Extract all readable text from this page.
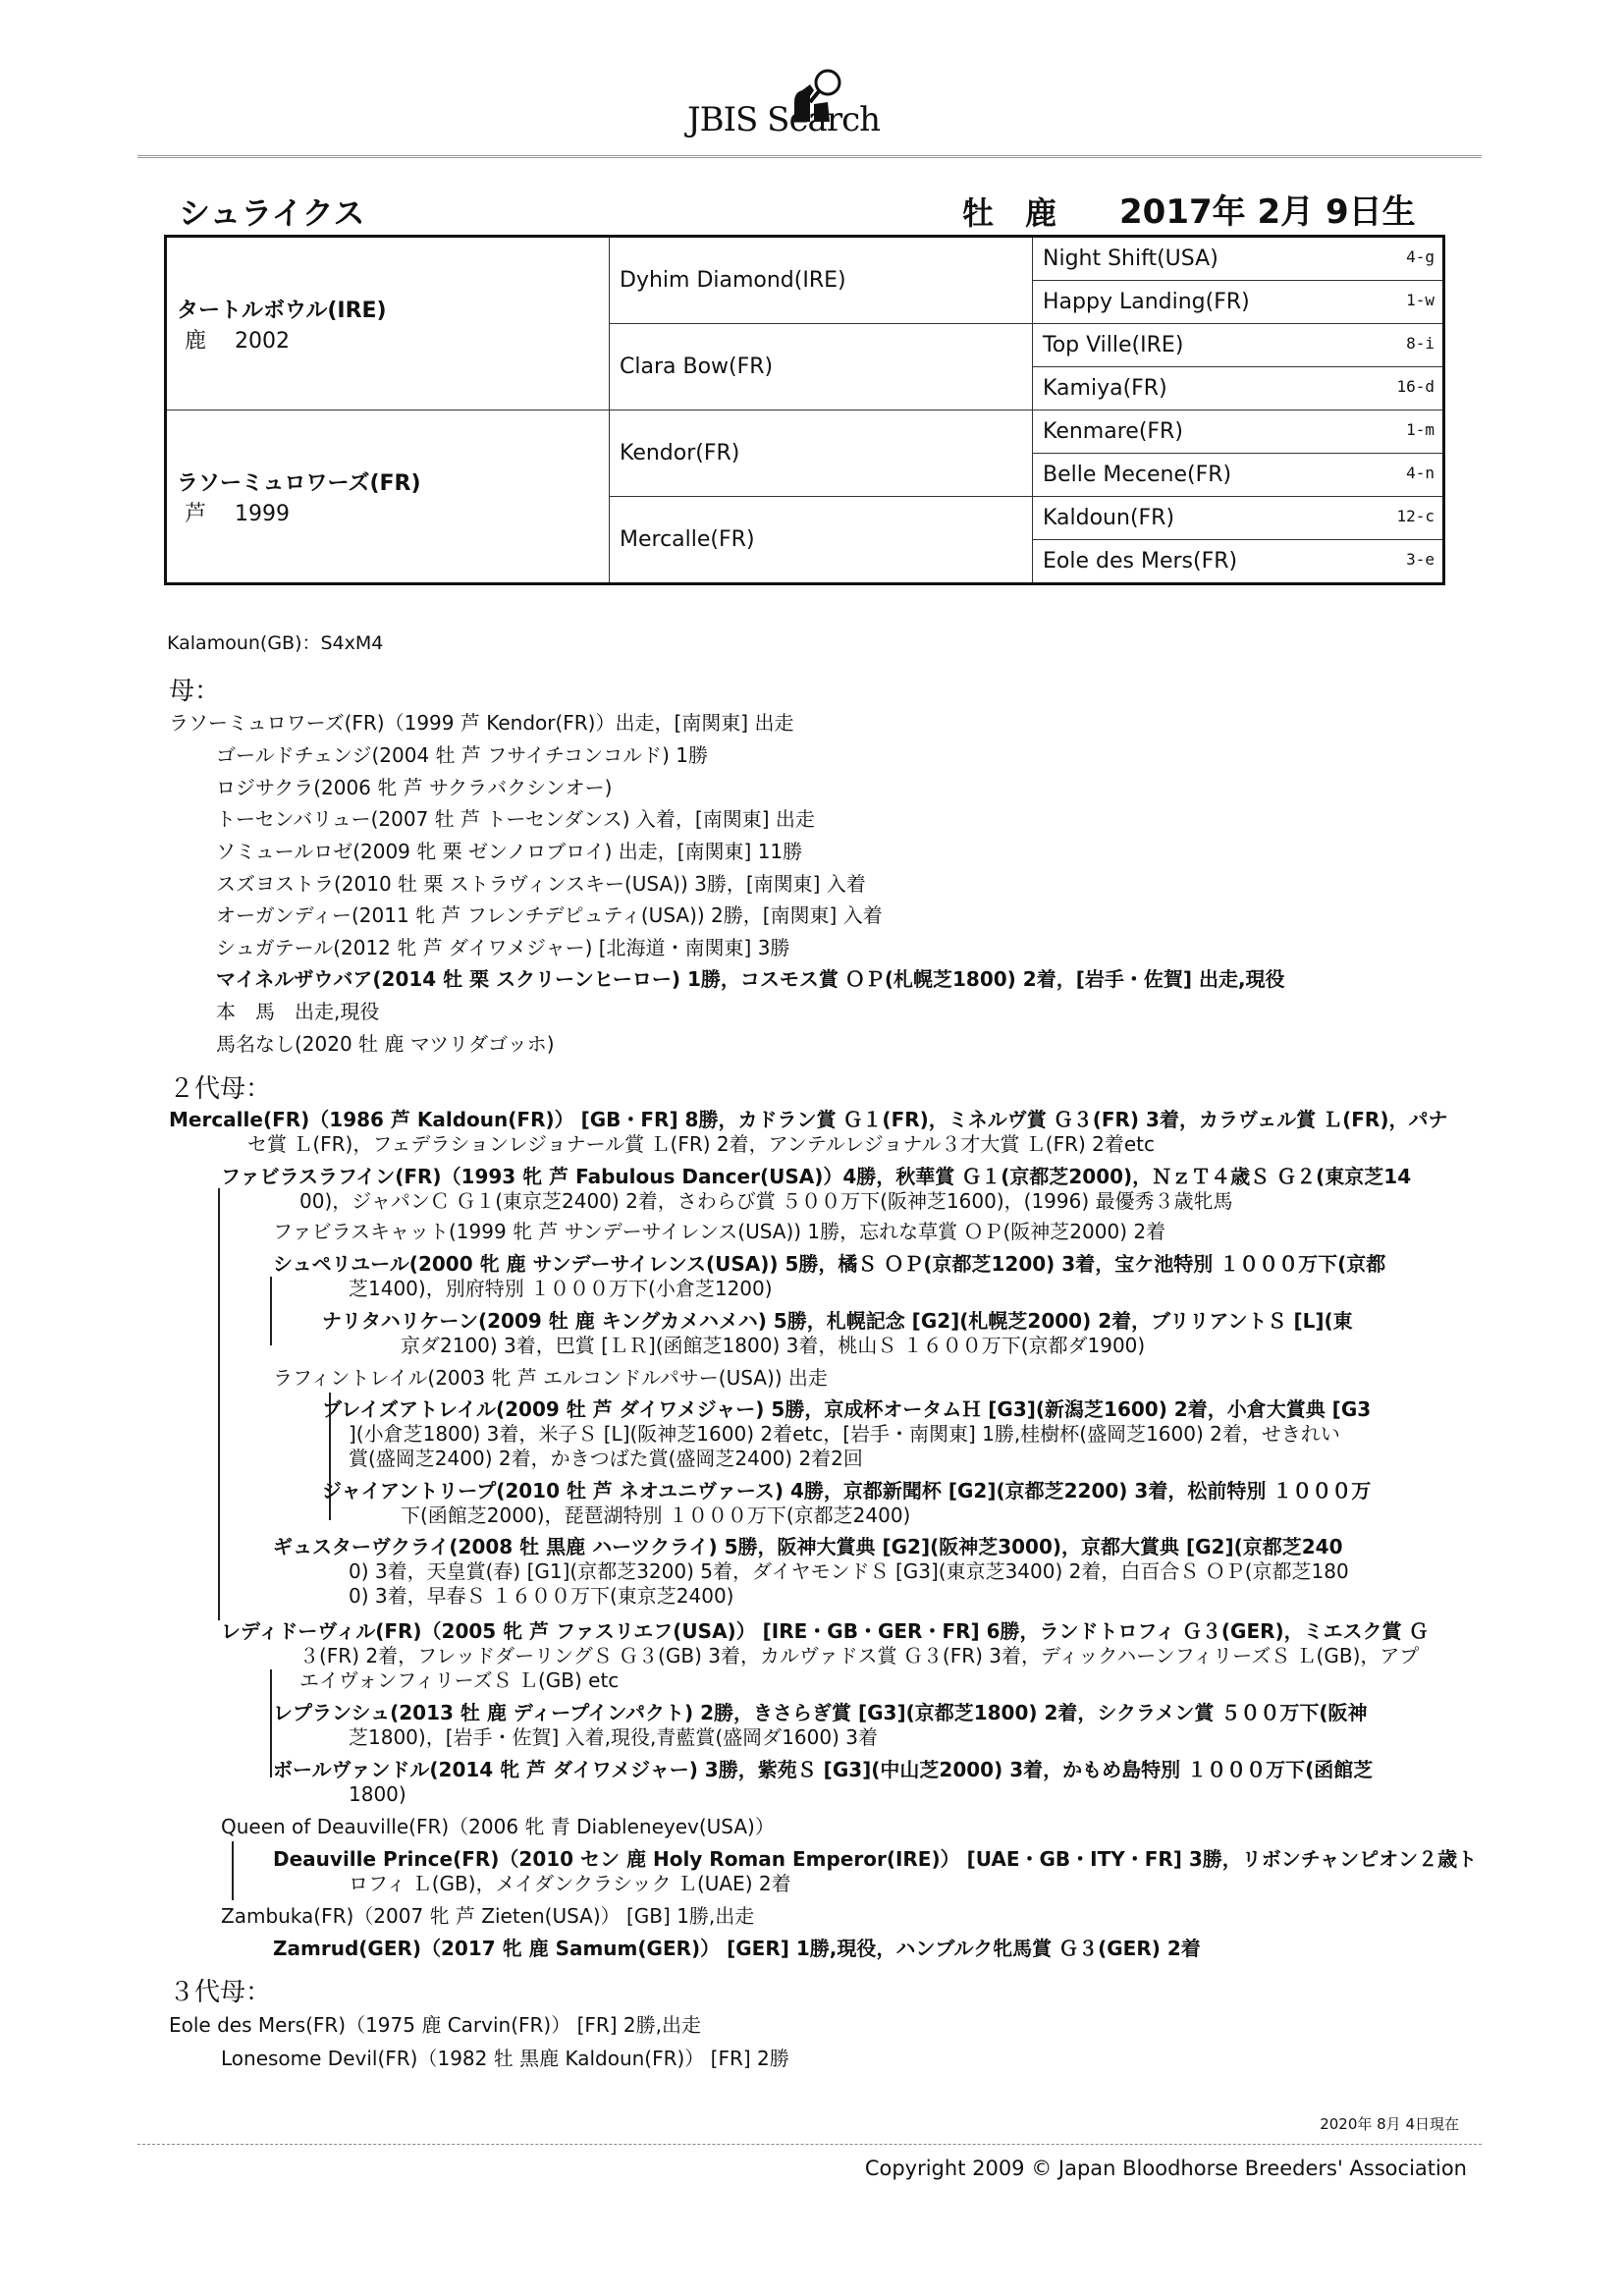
JBIS Search
シュライクス	牡　鹿 2017年 2月 9日生
タートルボウル(IRE)
鹿　 2002	Dyhim Diamond(IRE)	Night Shift(USA) 4-g

		Happy Landing(FR) 1-w

	Clara Bow(FR)	Top Ville(IRE) 8-i

		Kamiya(FR) 16-d

ラソーミュロワーズ(FR)
芦　 1999	Kendor(FR)	Kenmare(FR) 1-m

		Belle Mecene(FR) 4-n

	Mercalle(FR)	Kaldoun(FR) 12-c

		Eole des Mers(FR) 3-e
Kalamoun(GB)：S4xM4
母：
ラソーミュロワーズ(FR)（1999 芦 Kendor(FR)）出走，[南関東] 出走
ゴールドチェンジ(2004 牡 芦 フサイチコンコルド) 1勝
ロジサクラ(2006 牝 芦 サクラバクシンオー)
トーセンバリュー(2007 牡 芦 トーセンダンス) 入着，[南関東] 出走
ソミュールロゼ(2009 牝 栗 ゼンノロブロイ) 出走，[南関東] 11勝
スズヨストラ(2010 牡 栗 ストラヴィンスキー(USA)) 3勝，[南関東] 入着
オーガンディー(2011 牝 芦 フレンチデピュティ(USA)) 2勝，[南関東] 入着
シュガテール(2012 牝 芦 ダイワメジャー) [北海道・南関東] 3勝
マイネルザウバア(2014 牡 栗 スクリーンヒーロー) 1勝，コスモス賞 ＯＰ(札幌芝1800) 2着，[岩手・佐賀] 出走,現役
本　馬　出走,現役
馬名なし(2020 牡 鹿 マツリダゴッホ)
２代母：
Mercalle(FR)（1986 芦 Kaldoun(FR)） [GB・FR] 8勝，カドラン賞 Ｇ１(FR)，ミネルヴ賞 Ｇ３(FR) 3着，カラヴェル賞 Ｌ(FR)，パナ
セ賞 Ｌ(FR)，フェデラションレジョナール賞 Ｌ(FR) 2着，アンテルレジョナル３才大賞 Ｌ(FR) 2着etc
ファビラスラフイン(FR)（1993 牝 芦 Fabulous Dancer(USA)）4勝，秋華賞 Ｇ１(京都芝2000)，ＮｚＴ４歳Ｓ Ｇ２(東京芝14
00)，ジャパンＣ Ｇ１(東京芝2400) 2着，さわらび賞 ５００万下(阪神芝1600)，(1996) 最優秀３歳牝馬
ファビラスキャット(1999 牝 芦 サンデーサイレンス(USA)) 1勝，忘れな草賞 ＯＰ(阪神芝2000) 2着
シュペリユール(2000 牝 鹿 サンデーサイレンス(USA)) 5勝，橘Ｓ ＯＰ(京都芝1200) 3着，宝ケ池特別 １０００万下(京都
芝1400)，別府特別 １０００万下(小倉芝1200)
ナリタハリケーン(2009 牡 鹿 キングカメハメハ) 5勝，札幌記念 [G2](札幌芝2000) 2着，ブリリアントＳ [L](東
京ダ2100) 3着，巴賞 [ＬＲ](函館芝1800) 3着，桃山Ｓ １６００万下(京都ダ1900)
ラフィントレイル(2003 牝 芦 エルコンドルパサー(USA)) 出走
ブレイズアトレイル(2009 牡 芦 ダイワメジャー) 5勝，京成杯オータムＨ [G3](新潟芝1600) 2着，小倉大賞典 [G3
](小倉芝1800) 3着，米子Ｓ [L](阪神芝1600) 2着etc，[岩手・南関東] 1勝,桂樹杯(盛岡芝1600) 2着，せきれい
賞(盛岡芝2400) 2着，かきつばた賞(盛岡芝2400) 2着2回
ジャイアントリープ(2010 牡 芦 ネオユニヴァース) 4勝，京都新聞杯 [G2](京都芝2200) 3着，松前特別 １０００万
下(函館芝2000)，琵琶湖特別 １０００万下(京都芝2400)
ギュスターヴクライ(2008 牡 黒鹿 ハーツクライ) 5勝，阪神大賞典 [G2](阪神芝3000)，京都大賞典 [G2](京都芝240
0) 3着，天皇賞(春) [G1](京都芝3200) 5着，ダイヤモンドＳ [G3](東京芝3400) 2着，白百合Ｓ ＯＰ(京都芝180
0) 3着，早春Ｓ １６００万下(東京芝2400)
レディドーヴィル(FR)（2005 牝 芦 ファスリエフ(USA)） [IRE・GB・GER・FR] 6勝，ランドトロフィ Ｇ３(GER)，ミエスク賞 Ｇ
３(FR) 2着，フレッドダーリングＳ Ｇ３(GB) 3着，カルヴァドス賞 Ｇ３(FR) 3着，ディックハーンフィリーズＳ Ｌ(GB)，アプ
エイヴォンフィリーズＳ Ｌ(GB) etc
レプランシュ(2013 牡 鹿 ディープインパクト) 2勝，きさらぎ賞 [G3](京都芝1800) 2着，シクラメン賞 ５００万下(阪神
芝1800)，[岩手・佐賀] 入着,現役,青藍賞(盛岡ダ1600) 3着
ボールヴァンドル(2014 牝 芦 ダイワメジャー) 3勝，紫苑Ｓ [G3](中山芝2000) 3着，かもめ島特別 １０００万下(函館芝
1800)
Queen of Deauville(FR)（2006 牝 青 Diableneyev(USA)）
Deauville Prince(FR)（2010 セン 鹿 Holy Roman Emperor(IRE)） [UAE・GB・ITY・FR] 3勝，リボンチャンピオン２歳ト
ロフィ Ｌ(GB)，メイダンクラシック Ｌ(UAE) 2着
Zambuka(FR)（2007 牝 芦 Zieten(USA)） [GB] 1勝,出走
Zamrud(GER)（2017 牝 鹿 Samum(GER)） [GER] 1勝,現役，ハンブルク牝馬賞 Ｇ３(GER) 2着
３代母：
Eole des Mers(FR)（1975 鹿 Carvin(FR)） [FR] 2勝,出走
Lonesome Devil(FR)（1982 牡 黒鹿 Kaldoun(FR)） [FR] 2勝
2020年 8月 4日現在
Copyright 2009 © Japan Bloodhorse Breeders' Association
